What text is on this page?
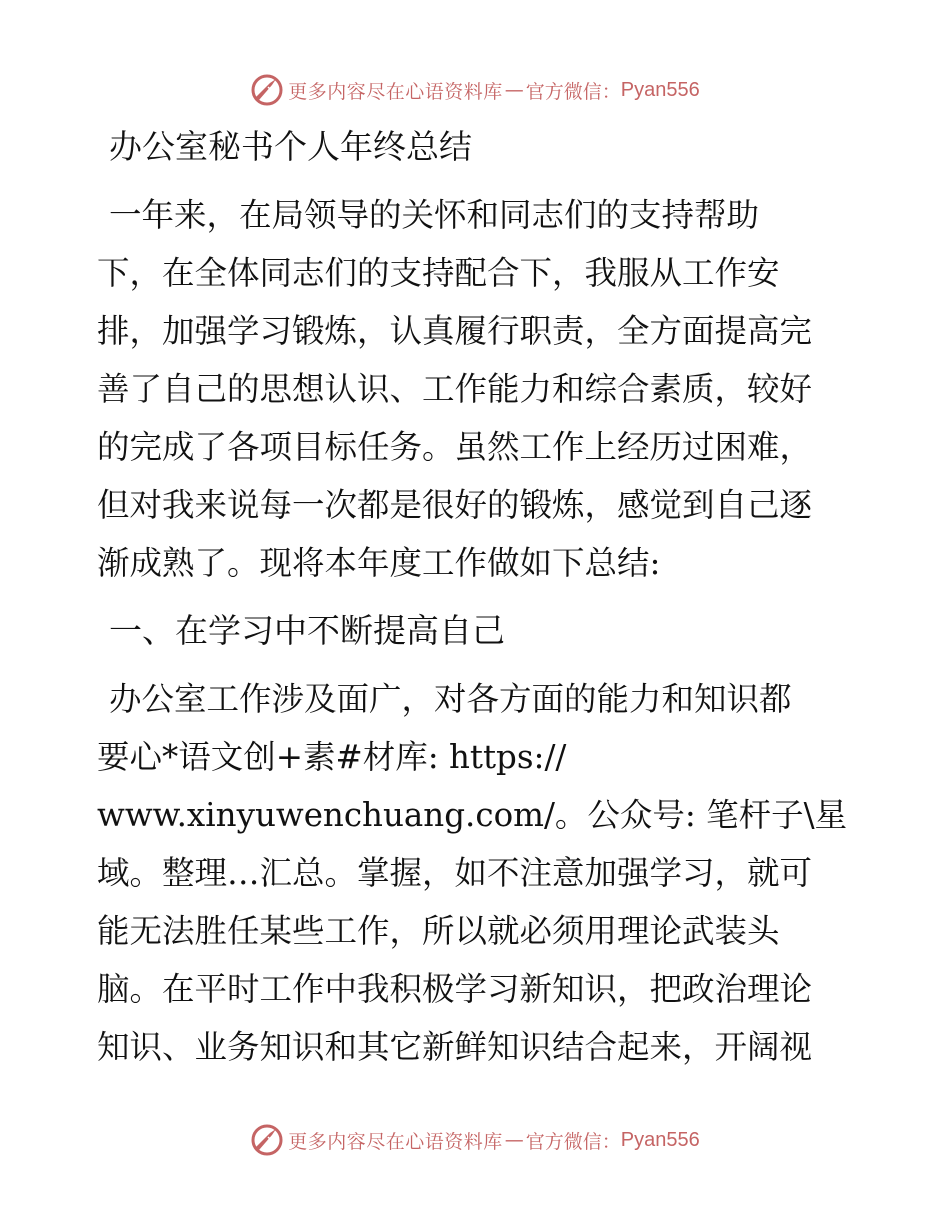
更多内容尽在心语资料库 — 官方微信： Pyan556
办公室秘书个人年终总结
一年来，在局领导的关怀和同志们的支持帮助
下，在全体同志们的支持配合下，我服从工作安
排，加强学习锻炼，认真履行职责，全方面提高完
善了自己的思想认识、工作能力和综合素质，较好
的完成了各项目标任务。虽然工作上经历过困难，
但对我来说每一次都是很好的锻炼，感觉到自己逐
渐成熟了。现将本年度工作做如下总结:
一、在学习中不断提高自己
办公室工作涉及面广，对各方面的能力和知识都
要心*语文创+素#材库: https://
www.xinyuwenchuang.com/。公众号: 笔杆子\星
域。整理…汇总。掌握，如不注意加强学习，就可
能无法胜任某些工作，所以就必须用理论武装头
脑。在平时工作中我积极学习新知识，把政治理论
知识、业务知识和其它新鲜知识结合起来，开阔视
更多内容尽在心语资料库 — 官方微信： Pyan556
